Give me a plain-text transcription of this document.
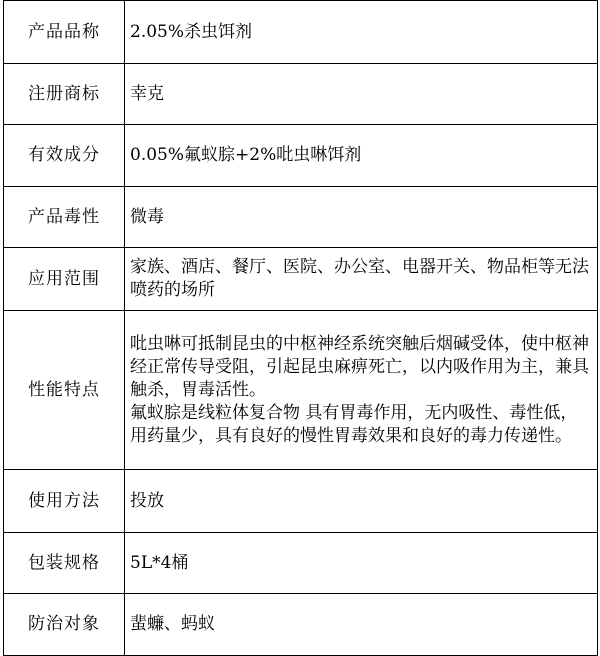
产品品称	2.05%杀虫饵剂
注册商标	幸克
有效成分	0.05%氟蚁腙+2%吡虫啉饵剂
产品毒性	微毒
应用范围	家族、酒店、餐厅、医院、办公室、电器开关、物品柜等无法喷药的场所
性能特点	吡虫啉可抵制昆虫的中枢神经系统突触后烟碱受体，使中枢神经正常传导受阻，引起昆虫麻痹死亡，以内吸作用为主，兼具触杀，胃毒活性。
氟蚁腙是线粒体复合物 具有胃毒作用，无内吸性、毒性低，用药量少，具有良好的慢性胃毒效果和良好的毒力传递性。

使用方法	投放
包装规格	5L*4桶
防治对象	蜚蠊、蚂蚁
